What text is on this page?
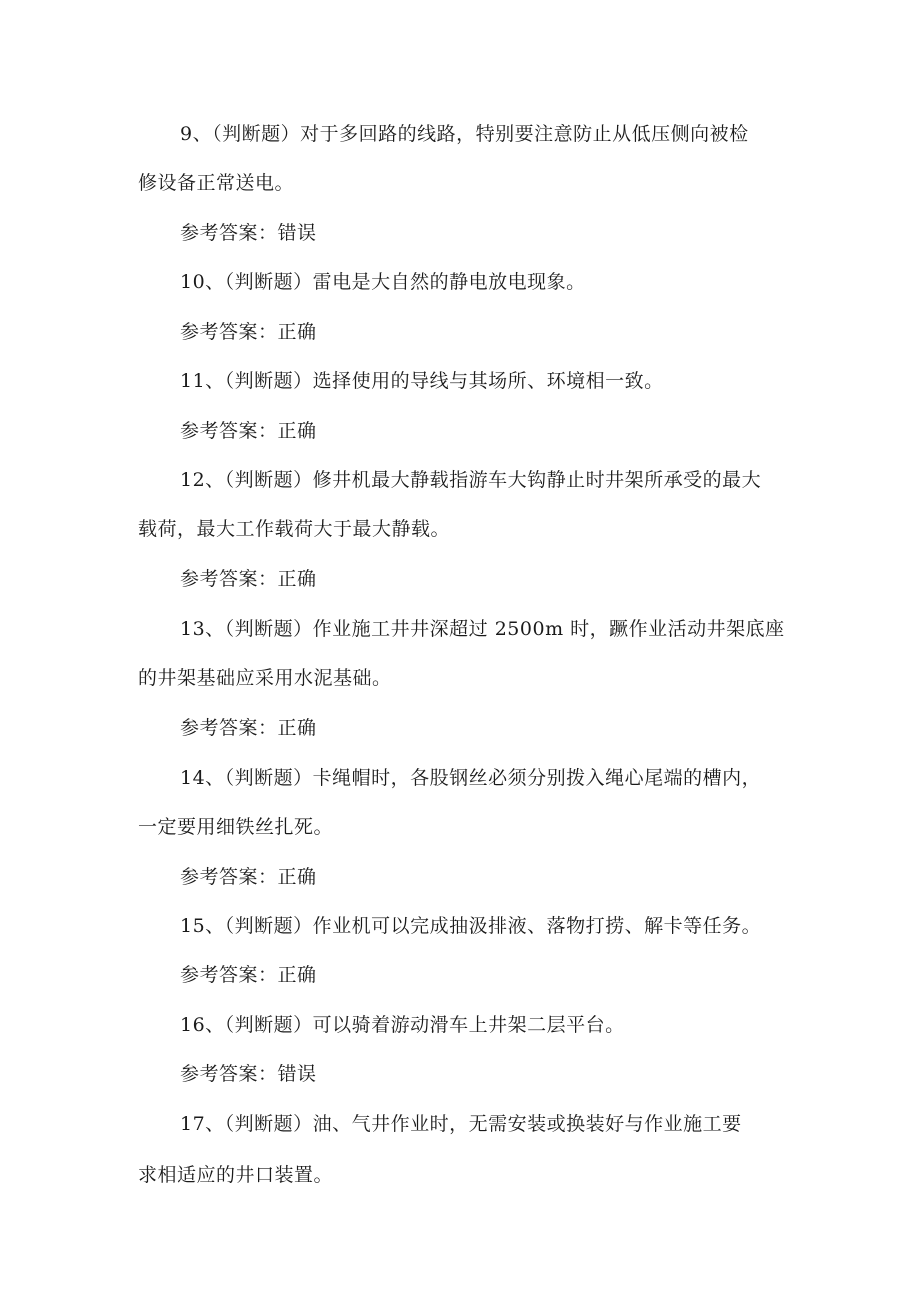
9、（判断题）对于多回路的线路，特别要注意防止从低压侧向被检
修设备正常送电。
参考答案：错误
10、（判断题）雷电是大自然的静电放电现象。
参考答案：正确
11、（判断题）选择使用的导线与其场所、环境相一致。
参考答案：正确
12、（判断题）修井机最大静载指游车大钩静止时井架所承受的最大
载荷，最大工作载荷大于最大静载。
参考答案：正确
13、（判断题）作业施工井井深超过 2500m 时，蹶作业活动井架底座
的井架基础应采用水泥基础。
参考答案：正确
14、（判断题）卡绳帽时，各股钢丝必须分别拨入绳心尾端的槽内，
一定要用细铁丝扎死。
参考答案：正确
15、（判断题）作业机可以完成抽汲排液、落物打捞、解卡等任务。
参考答案：正确
16、（判断题）可以骑着游动滑车上井架二层平台。
参考答案：错误
17、（判断题）油、气井作业时，无需安装或换装好与作业施工要
求相适应的井口装置。
